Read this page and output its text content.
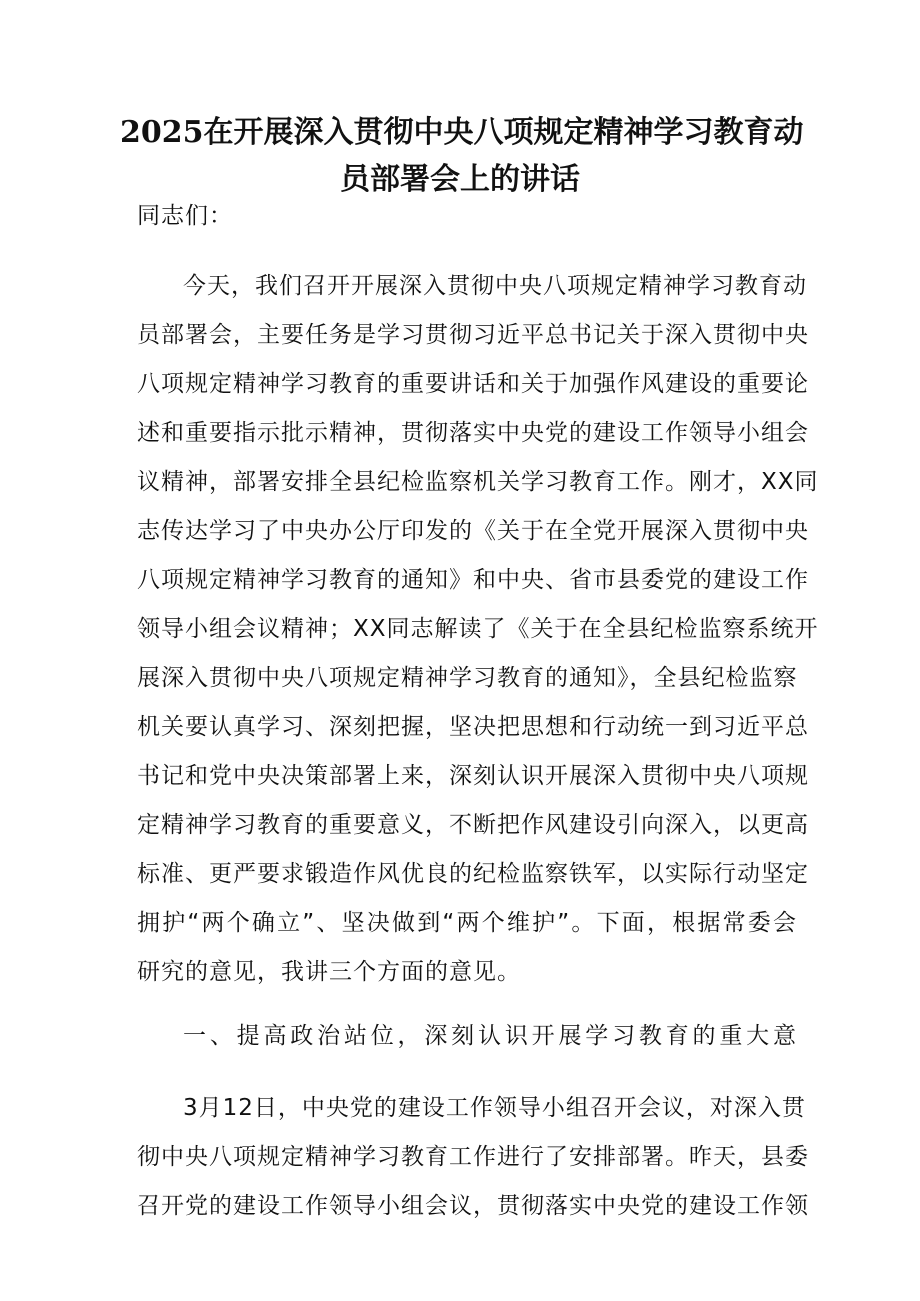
2025在开展深入贯彻中央八项规定精神学习教育动
员部署会上的讲话
同志们：
今天，我们召开开展深入贯彻中央八项规定精神学习教育动
员部署会，主要任务是学习贯彻习近平总书记关于深入贯彻中央
八项规定精神学习教育的重要讲话和关于加强作风建设的重要论
述和重要指示批示精神，贯彻落实中央党的建设工作领导小组会
议精神，部署安排全县纪检监察机关学习教育工作。刚才，XX同
志传达学习了中央办公厅印发的《关于在全党开展深入贯彻中央
八项规定精神学习教育的通知》和中央、省市县委党的建设工作
领导小组会议精神；XX同志解读了《关于在全县纪检监察系统开
展深入贯彻中央八项规定精神学习教育的通知》，全县纪检监察
机关要认真学习、深刻把握，坚决把思想和行动统一到习近平总
书记和党中央决策部署上来，深刻认识开展深入贯彻中央八项规
定精神学习教育的重要意义，不断把作风建设引向深入，以更高
标准、更严要求锻造作风优良的纪检监察铁军，以实际行动坚定
拥护“两个确立”、坚决做到“两个维护”。下面，根据常委会
研究的意见，我讲三个方面的意见。
一、提高政治站位，深刻认识开展学习教育的重大意
3月12日，中央党的建设工作领导小组召开会议，对深入贯
彻中央八项规定精神学习教育工作进行了安排部署。昨天，县委
召开党的建设工作领导小组会议，贯彻落实中央党的建设工作领
